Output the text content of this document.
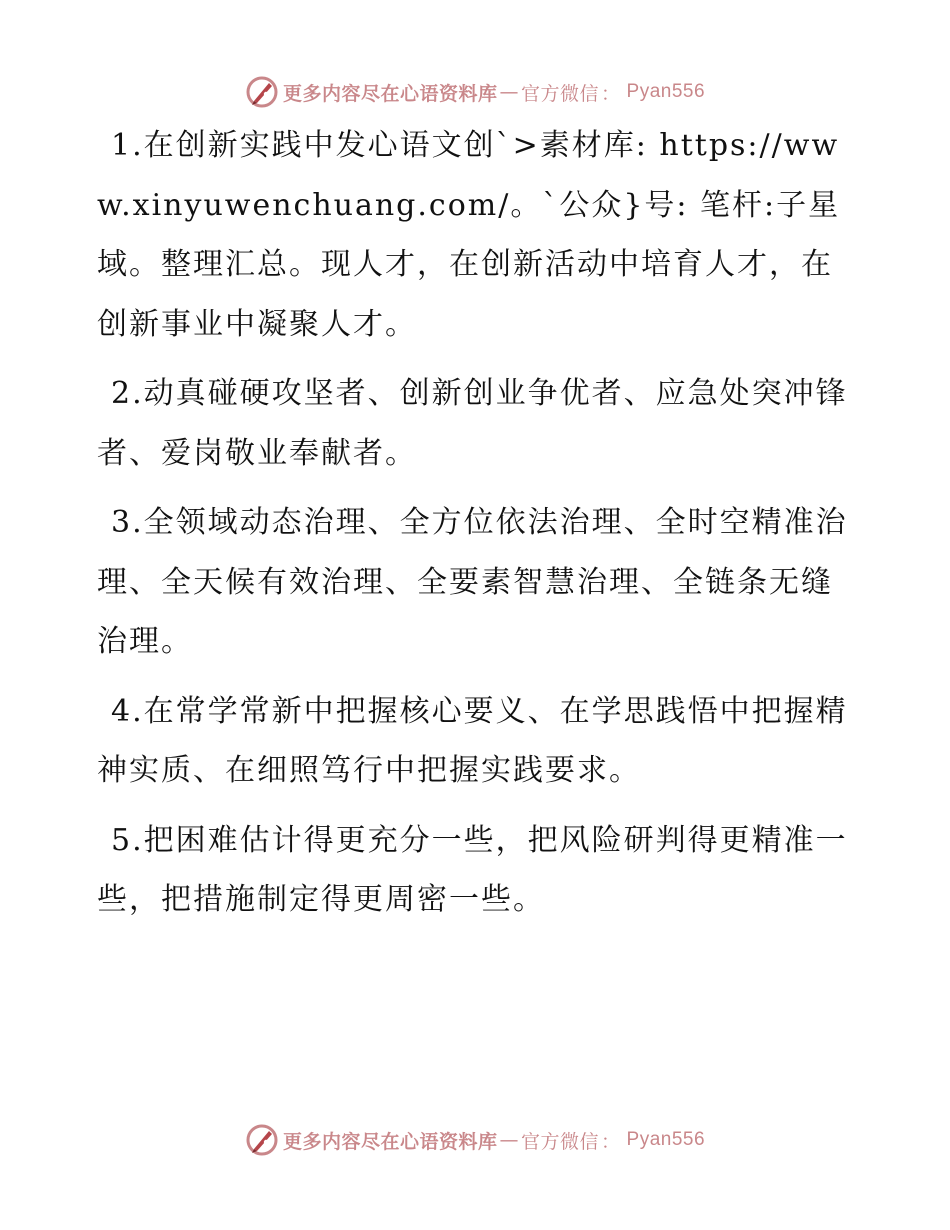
更多内容尽在心语资料库 — 官方微信 ： Pyan556

1.在创新实践中发心语文创`>素材库: https://www.xinyuwenchuang.com/。`公众}号: 笔杆:子星域。整理汇总。现人才，在创新活动中培育人才，在创新事业中凝聚人才。

2.动真碰硬攻坚者、创新创业争优者、应急处突冲锋者、爱岗敬业奉献者。

3.全领域动态治理、全方位依法治理、全时空精准治理、全天候有效治理、全要素智慧治理、全链条无缝治理。

4.在常学常新中把握核心要义、在学思践悟中把握精神实质、在细照笃行中把握实践要求。

5.把困难估计得更充分一些，把风险研判得更精准一些，把措施制定得更周密一些。

更多内容尽在心语资料库 — 官方微信 ： Pyan556
